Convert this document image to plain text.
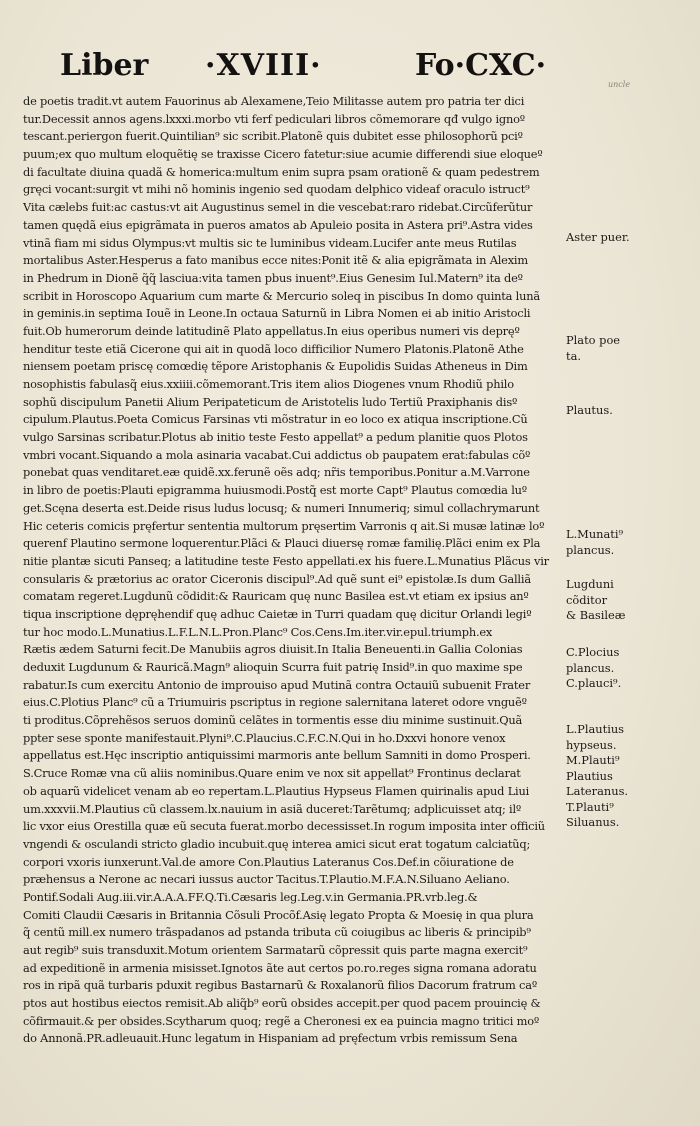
Liber ·XVIII·	Fo·CXC·
uncle
de poetis tradit.vt autem Fauorinus ab Alexamene,Teio Militasse autem pro patria ter dici
tur.Decessit annos agens.lxxxi.morbo vti ferf pediculari libros cõmemorare qđ vulgo ignoº
tescant.periergon fuerit.Quintilian⁹ sic scribit.Platonẽ quis dubitet esse philosophorũ pciº
puum;ex quo multum eloquẽtię se traxisse Cicero fatetur:siue acumie differendi siue eloqueº
di facultate diuina quadã & homerica:multum enim supra psam orationẽ & quam pedestrem
gręci vocant:surgit vt mihi nõ hominis ingenio sed quodam delphico videaf oraculo istruct⁹
Vita cælebs fuit:ac castus:vt ait Augustinus semel in die vescebat:raro ridebat.Circũferũtur
tamen quędã eius epigrãmata in pueros amatos ab Apuleio posita in Astera pri⁹.Astra vides
vtinã fiam mi sidus Olympus:vt multis sic te luminibus videam.Lucifer ante meus Rutilas
mortalibus Aster.Hesperus a fato manibus ecce nites:Ponit itẽ & alia epigrãmata in Alexim
in Phedrum in Dionẽ q̃q̃ lasciua:vita tamen pbus inuent⁹.Eius Genesim Iul.Matern⁹ ita deº
scribit in Horoscopo Aquarium cum marte & Mercurio soleq in piscibus In domo quinta lunã
in geminis.in septima Iouẽ in Leone.In octaua Saturnũ in Libra Nomen ei ab initio Aristocli
fuit.Ob humerorum deinde latitudinẽ Plato appellatus.In eius operibus numeri vis depręº
henditur teste etiã Cicerone qui ait in quodã loco difficilior Numero Platonis.Platonẽ Athe
niensem poetam priscę comœdię tẽpore Aristophanis & Eupolidis Suidas Atheneus in Dim
nosophistis fabulasq̃ eius.xxiiii.cõmemorant.Tris item alios Diogenes vnum Rhodiũ philo
sophũ discipulum Panetii Alium Peripateticum de Aristotelis ludo Tertiũ Praxiphanis disº
cipulum.Plautus.Poeta Comicus Farsinas vti mõstratur in eo loco ex atiqua inscriptione.Cũ
vulgo Sarsinas scribatur.Plotus ab initio teste Festo appellat⁹ a pedum planitie quos Plotos
vmbri vocant.Siquando a mola asinaria vacabat.Cui addictus ob paupatem erat:fabulas cõº
ponebat quas venditaret.eæ quidẽ.xx.ferunẽ oẽs adq; nr̃is temporibus.Ponitur a.M.Varrone
in libro de poetis:Plauti epigramma huiusmodi.Postq̃ est morte Capt⁹ Plautus comœdia luº
get.Scęna deserta est.Deide risus ludus locusq; & numeri Innumeriq; simul collachrymarunt
Hic ceteris comicis pręfertur sententia multorum pręsertim Varronis q ait.Si musæ latinæ loº
querenf Plautino sermone loquerentur.Plãci & Plauci diuersę romæ familię.Plãci enim ex Pla
nitie plantæ sicuti Panseq; a latitudine teste Festo appellati.ex his fuere.L.Munatius Plãcus vir
consularis & prætorius ac orator Ciceronis discipul⁹.Ad quẽ sunt ei⁹ epistolæ.Is dum Galliã
comatam regeret.Lugdunũ cõdidit:& Rauricam quę nunc Basilea est.vt etiam ex ipsius anº
tiqua inscriptione dępręhendif quę adhuc Caietæ in Turri quadam quę dicitur Orlandi legiº
tur hoc modo.L.Munatius.L.F.L.N.L.Pron.Planc⁹ Cos.Cens.Im.iter.vir.epul.triumph.ex
Rætis ædem Saturni fecit.De Manubiis agros diuisit.In Italia Beneuenti.in Gallia Colonias
deduxit Lugdunum & Rauricã.Magn⁹ alioquin Scurra fuit patrię Insid⁹.in quo maxime spe
rabatur.Is cum exercitu Antonio de improuiso apud Mutinã contra Octauiũ subuenit Frater
eius.C.Plotius Planc⁹ cũ a Triumuiris pscriptus in regione salernitana lateret odore vnguẽº
ti proditus.Cõprehẽsos seruos dominũ celãtes in tormentis esse diu minime sustinuit.Quã
ppter sese sponte manifestauit.Plyni⁹.C.Plaucius.C.F.C.N.Qui in ho.Dxxvi honore venox
appellatus est.Hęc inscriptio antiquissimi marmoris ante bellum Samniti in domo Prosperi.
S.Cruce Romæ vna cũ aliis nominibus.Quare enim ve nox sit appellat⁹ Frontinus declarat
ob aquarũ videlicet venam ab eo repertam.L.Plautius Hypseus Flamen quirinalis apud Liui
um.xxxvii.M.Plautius cũ classem.lx.nauium in asiã duceret:Tarẽtumq; adplicuisset atq; ilº
lic vxor eius Orestilla quæ eũ secuta fuerat.morbo decessisset.In rogum imposita inter officiũ
vngendi & osculandi stricto gladio incubuit.quę interea amici sicut erat togatum calciatũq;
corpori vxoris iunxerunt.Val.de amore Con.Plautius Lateranus Cos.Def.in cõiuratione de
præhensus a Nerone ac necari iussus auctor Tacitus.T.Plautio.M.F.A.N.Siluano Aeliano.
Pontif.Sodali Aug.iii.vir.A.A.A.FF.Q.Ti.Cæsaris leg.Leg.v.in Germania.PR.vrb.leg.&
Comiti Claudii Cæsaris in Britannia Cõsuli Procõf.Asię legato Propta & Moesię in qua plura
q̃ centũ mill.ex numero trãspadanos ad pstanda tributa cũ coiugibus ac liberis & principib⁹
aut regib⁹ suis transduxit.Motum orientem Sarmatarũ cõpressit quis parte magna exercit⁹
ad expeditionẽ in armenia misisset.Ignotos ãte aut certos po.ro.reges signa romana adoratu
ros in ripã quã turbaris pduxit regibus Bastarnarũ & Roxalanorũ filios Dacorum fratrum caº
ptos aut hostibus eiectos remisit.Ab aliq̃b⁹ eorũ obsides accepit.per quod pacem prouincię &
cõfirmauit.& per obsides.Scytharum quoq; regẽ a Cheronesi ex ea puincia magno tritici moº
do Annonã.PR.adleuauit.Hunc legatum in Hispaniam ad pręfectum vrbis remissum Sena
Aster puer.
Plato poe
ta.
Plautus.
L.Munati⁹
plancus.
Lugduni
cõditor
& Basileæ
C.Plocius
plancus.
C.plauci⁹.
L.Plautius
hypseus.
M.Plauti⁹
Plautius
Lateranus.
T.Plauti⁹
Siluanus.
